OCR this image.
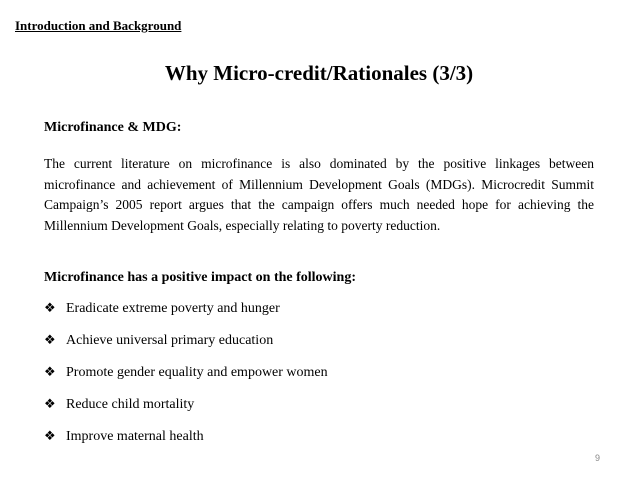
Introduction and Background
Why Micro-credit/Rationales (3/3)
Microfinance & MDG:

The current literature on microfinance is also dominated by the positive linkages between microfinance and achievement of Millennium Development Goals (MDGs). Microcredit Summit Campaign’s 2005 report argues that the campaign offers much needed hope for achieving the Millennium Development Goals, especially relating to poverty reduction.

Microfinance has a positive impact on the following:
❖ Eradicate extreme poverty and hunger
❖ Achieve universal primary education
❖ Promote gender equality and empower women
❖ Reduce child mortality
❖ Improve maternal health
9
